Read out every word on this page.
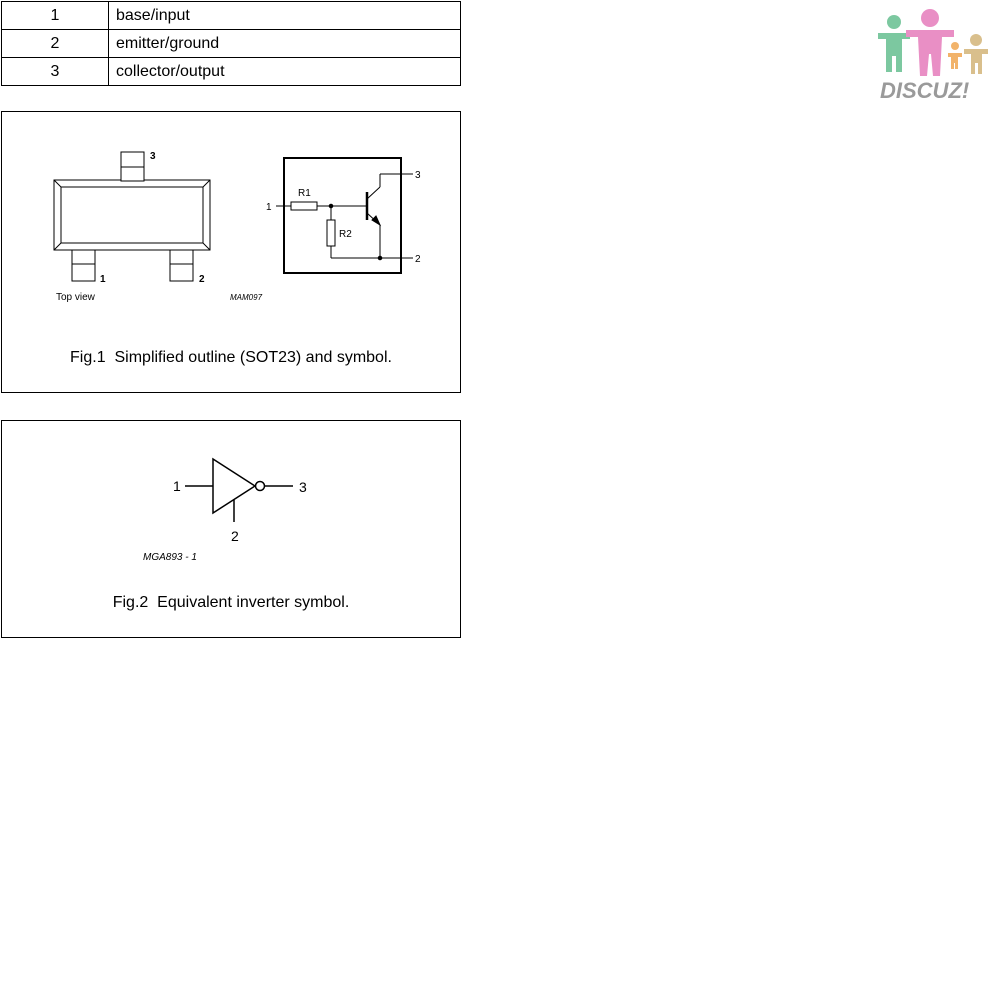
1	base/input
2	emitter/ground
3	collector/output
3
1	2
Top view	MAM097
1
3
2
R1
R2
Fig.1  Simplified outline (SOT23) and symbol.
1	3
2
MGA893 - 1
Fig.2  Equivalent inverter symbol.
DISCUZ!
